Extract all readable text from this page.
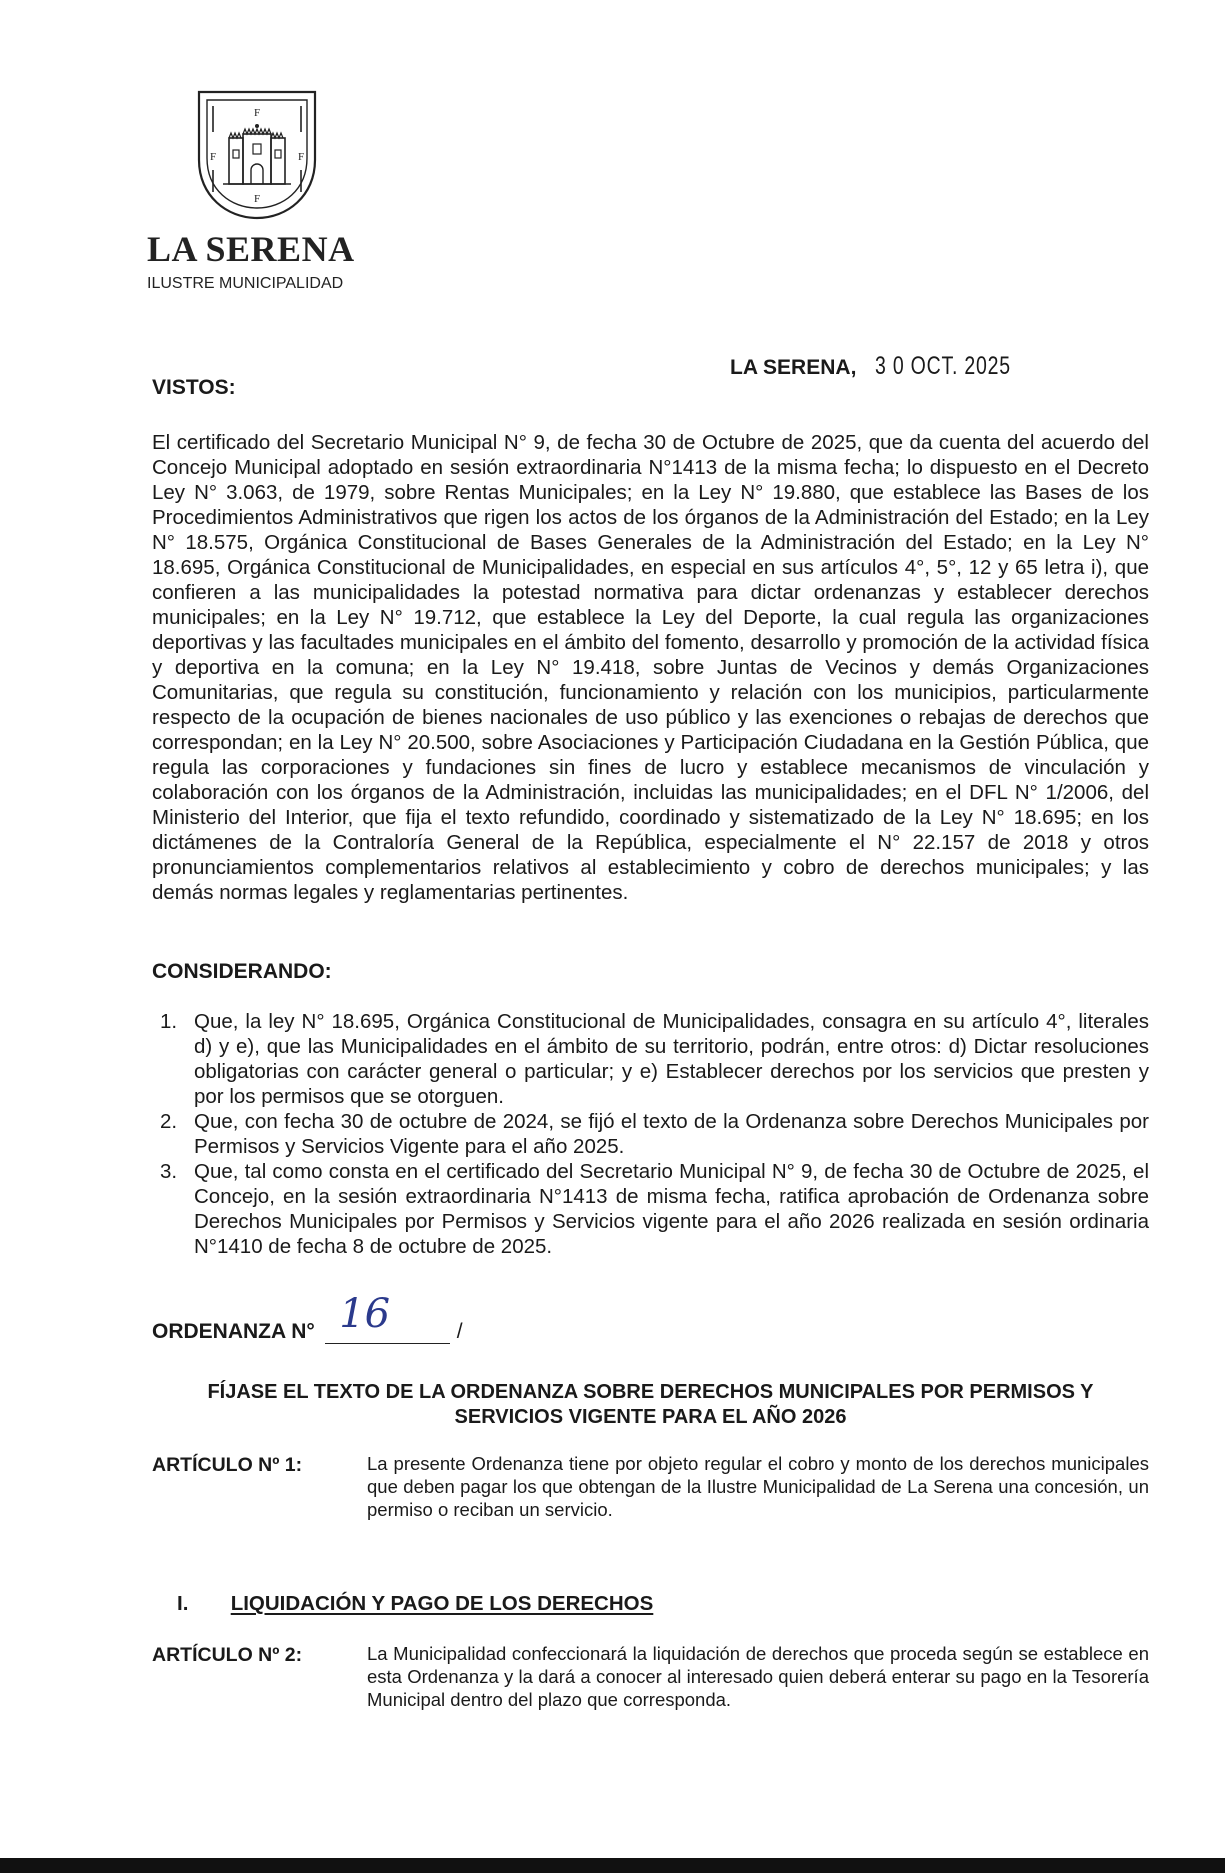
F
F	F
F
LA SERENA

ILUSTRE MUNICIPALIDAD

VISTOS:
LA SERENA, 3 0 OCT. 2025

El certificado del Secretario Municipal N° 9, de fecha 30 de Octubre de 2025, que da cuenta del acuerdo del Concejo Municipal adoptado en sesión extraordinaria N°1413 de la misma fecha; lo dispuesto en el Decreto Ley N° 3.063, de 1979, sobre Rentas Municipales; en la Ley N° 19.880, que establece las Bases de los Procedimientos Administrativos que rigen los actos de los órganos de la Administración del Estado; en la Ley N° 18.575, Orgánica Constitucional de Bases Generales de la Administración del Estado; en la Ley N° 18.695, Orgánica Constitucional de Municipalidades, en especial en sus artículos 4°, 5°, 12 y 65 letra i), que confieren a las municipalidades la potestad normativa para dictar ordenanzas y establecer derechos municipales; en la Ley N° 19.712, que establece la Ley del Deporte, la cual regula las organizaciones deportivas y las facultades municipales en el ámbito del fomento, desarrollo y promoción de la actividad física y deportiva en la comuna; en la Ley N° 19.418, sobre Juntas de Vecinos y demás Organizaciones Comunitarias, que regula su constitución, funcionamiento y relación con los municipios, particularmente respecto de la ocupación de bienes nacionales de uso público y las exenciones o rebajas de derechos que correspondan; en la Ley N° 20.500, sobre Asociaciones y Participación Ciudadana en la Gestión Pública, que regula las corporaciones y fundaciones sin fines de lucro y establece mecanismos de vinculación y colaboración con los órganos de la Administración, incluidas las municipalidades; en el DFL N° 1/2006, del Ministerio del Interior, que fija el texto refundido, coordinado y sistematizado de la Ley N° 18.695; en los dictámenes de la Contraloría General de la República, especialmente el N° 22.157 de 2018 y otros pronunciamientos complementarios relativos al establecimiento y cobro de derechos municipales; y las demás normas legales y reglamentarias pertinentes.

CONSIDERANDO:
1. Que, la ley N° 18.695, Orgánica Constitucional de Municipalidades, consagra en su artículo 4°, literales d) y e), que las Municipalidades en el ámbito de su territorio, podrán, entre otros: d) Dictar resoluciones obligatorias con carácter general o particular; y e) Establecer derechos por los servicios que presten y por los permisos que se otorguen.
2. Que, con fecha 30 de octubre de 2024, se fijó el texto de la Ordenanza sobre Derechos Municipales por Permisos y Servicios Vigente para el año 2025.
3. Que, tal como consta en el certificado del Secretario Municipal N° 9, de fecha 30 de Octubre de 2025, el Concejo, en la sesión extraordinaria N°1413 de misma fecha, ratifica aprobación de Ordenanza sobre Derechos Municipales por Permisos y Servicios vigente para el año 2026 realizada en sesión ordinaria N°1410 de fecha 8 de octubre de 2025.
ORDENANZA N° 16	/
FÍJASE EL TEXTO DE LA ORDENANZA SOBRE DERECHOS MUNICIPALES POR PERMISOS Y SERVICIOS VIGENTE PARA EL AÑO 2026

ARTÍCULO Nº 1:	La presente Ordenanza tiene por objeto regular el cobro y monto de los derechos municipales que deben pagar los que obtengan de la Ilustre Municipalidad de La Serena una concesión, un permiso o reciban un servicio.

I. LIQUIDACIÓN Y PAGO DE LOS DERECHOS

ARTÍCULO Nº 2:	La Municipalidad confeccionará la liquidación de derechos que proceda según se establece en esta Ordenanza y la dará a conocer al interesado quien deberá enterar su pago en la Tesorería Municipal dentro del plazo que corresponda.
